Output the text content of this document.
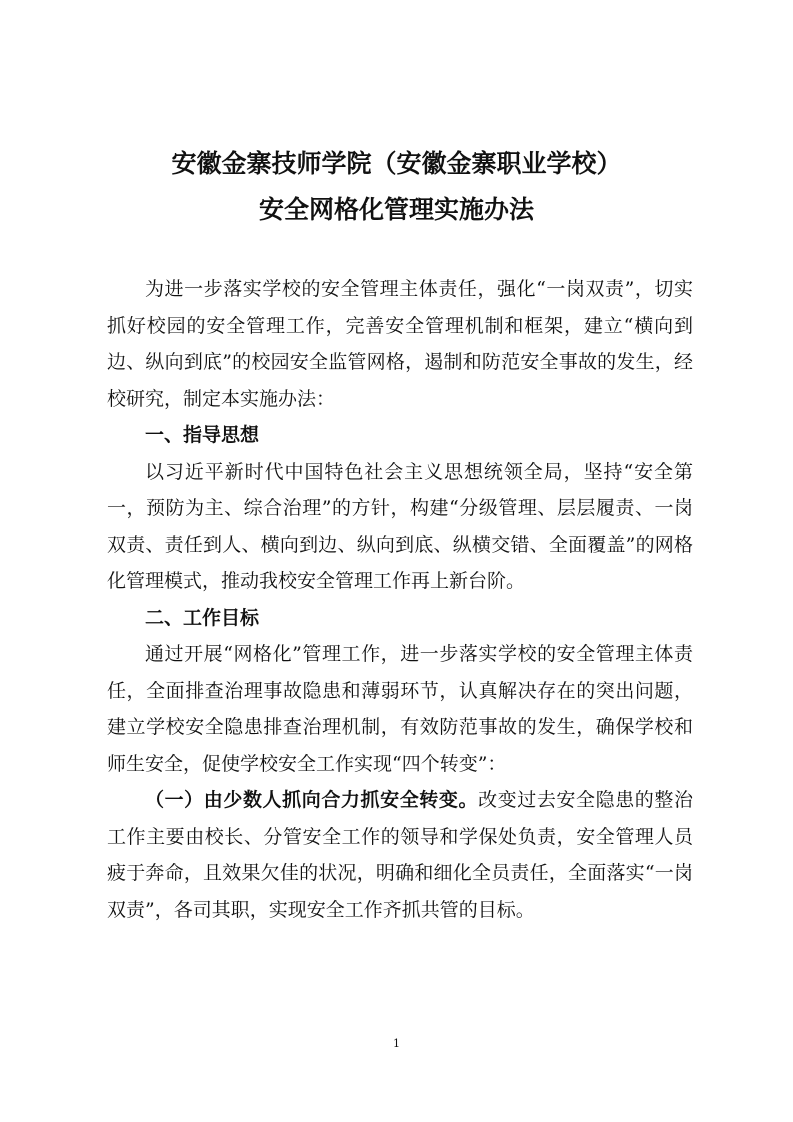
安徽金寨技师学院（安徽金寨职业学校）
安全网格化管理实施办法

为进一步落实学校的安全管理主体责任，强化“一岗双责”，切实抓好校园的安全管理工作，完善安全管理机制和框架，建立“横向到边、纵向到底”的校园安全监管网格，遏制和防范安全事故的发生，经校研究，制定本实施办法：

一、指导思想

以习近平新时代中国特色社会主义思想统领全局，坚持“安全第一，预防为主、综合治理”的方针，构建“分级管理、层层履责、一岗双责、责任到人、横向到边、纵向到底、纵横交错、全面覆盖”的网格化管理模式，推动我校安全管理工作再上新台阶。

二、工作目标

通过开展“网格化”管理工作，进一步落实学校的安全管理主体责任，全面排查治理事故隐患和薄弱环节，认真解决存在的突出问题，建立学校安全隐患排查治理机制，有效防范事故的发生，确保学校和师生安全，促使学校安全工作实现“四个转变”：

（一）由少数人抓向合力抓安全转变。改变过去安全隐患的整治工作主要由校长、分管安全工作的领导和学保处负责，安全管理人员疲于奔命，且效果欠佳的状况，明确和细化全员责任，全面落实“一岗双责”，各司其职，实现安全工作齐抓共管的目标。

1
